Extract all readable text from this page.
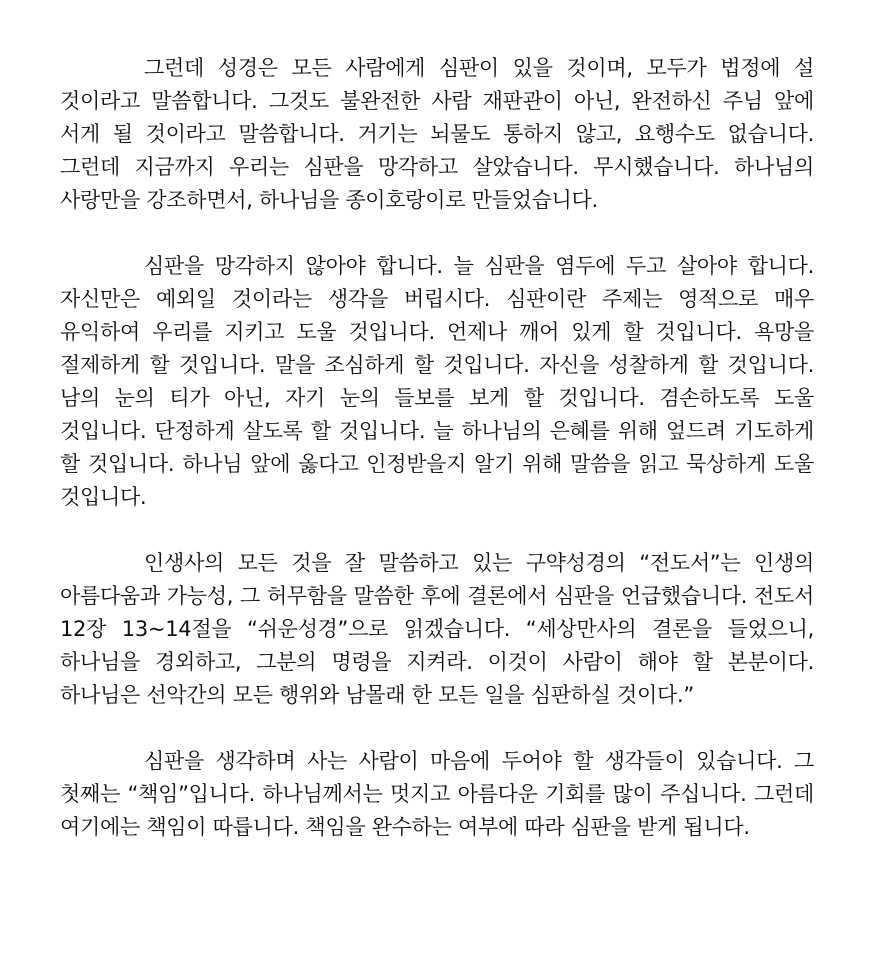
그런데 성경은 모든 사람에게 심판이 있을 것이며, 모두가 법정에 설 것이라고 말씀합니다. 그것도 불완전한 사람 재판관이 아닌, 완전하신 주님 앞에 서게 될 것이라고 말씀합니다. 거기는 뇌물도 통하지 않고, 요행수도 없습니다. 그런데 지금까지 우리는 심판을 망각하고 살았습니다. 무시했습니다. 하나님의 사랑만을 강조하면서, 하나님을 종이호랑이로 만들었습니다.

심판을 망각하지 않아야 합니다. 늘 심판을 염두에 두고 살아야 합니다. 자신만은 예외일 것이라는 생각을 버립시다. 심판이란 주제는 영적으로 매우 유익하여 우리를 지키고 도울 것입니다. 언제나 깨어 있게 할 것입니다. 욕망을 절제하게 할 것입니다. 말을 조심하게 할 것입니다. 자신을 성찰하게 할 것입니다. 남의 눈의 티가 아닌, 자기 눈의 들보를 보게 할 것입니다. 겸손하도록 도울 것입니다. 단정하게 살도록 할 것입니다. 늘 하나님의 은혜를 위해 엎드려 기도하게 할 것입니다. 하나님 앞에 옳다고 인정받을지 알기 위해 말씀을 읽고 묵상하게 도울 것입니다.

인생사의 모든 것을 잘 말씀하고 있는 구약성경의 “전도서”는 인생의 아름다움과 가능성, 그 허무함을 말씀한 후에 결론에서 심판을 언급했습니다. 전도서 12장 13~14절을 “쉬운성경”으로 읽겠습니다. “세상만사의 결론을 들었으니, 하나님을 경외하고, 그분의 명령을 지켜라. 이것이 사람이 해야 할 본분이다. 하나님은 선악간의 모든 행위와 남몰래 한 모든 일을 심판하실 것이다.”

심판을 생각하며 사는 사람이 마음에 두어야 할 생각들이 있습니다. 그 첫째는 “책임”입니다. 하나님께서는 멋지고 아름다운 기회를 많이 주십니다. 그런데 여기에는 책임이 따릅니다. 책임을 완수하는 여부에 따라 심판을 받게 됩니다.
